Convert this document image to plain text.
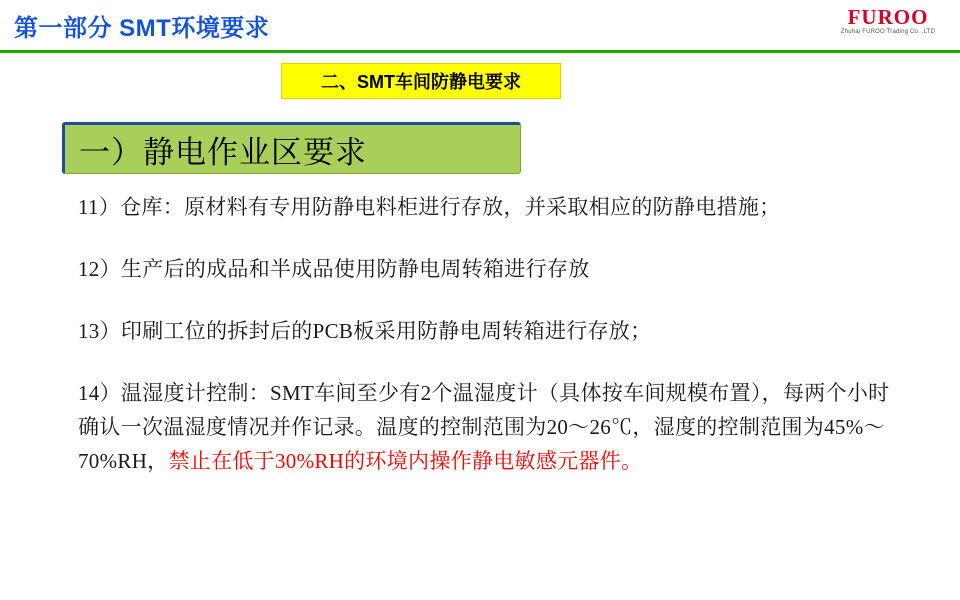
第一部分 SMT环境要求	FUROO
Zhuhai FUROO Trading Co. ,LTD
二、SMT车间防静电要求
一）静电作业区要求
11）仓库：原材料有专用防静电料柜进行存放，并采取相应的防静电措施；
12）生产后的成品和半成品使用防静电周转箱进行存放
13）印刷工位的拆封后的PCB板采用防静电周转箱进行存放；
14）温湿度计控制：SMT车间至少有2个温湿度计（具体按车间规模布置），每两个小时确认一次温湿度情况并作记录。温度的控制范围为20～26℃，湿度的控制范围为45%～70%RH，禁止在低于30%RH的环境内操作静电敏感元器件。
